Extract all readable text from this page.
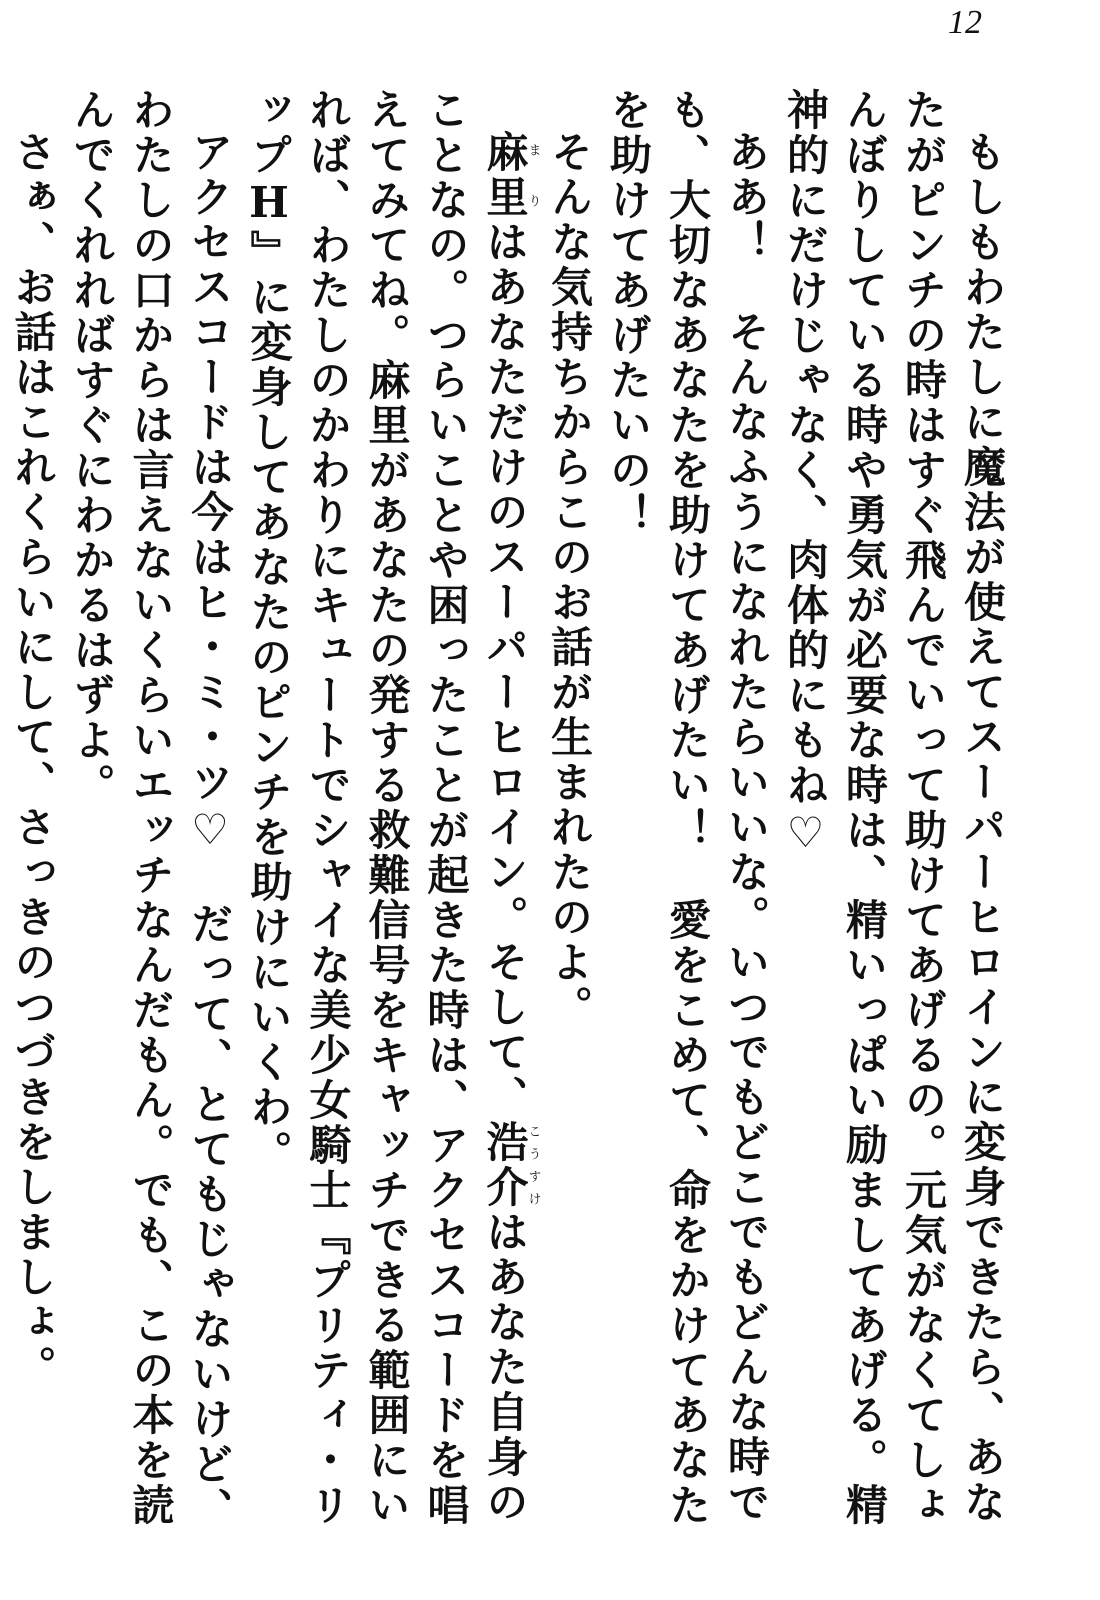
12

もしもわたしに魔法が使えてスーパーヒロインに変身できたら、あなたがピンチの時はすぐ飛んでいって助けてあげるの。元気がなくてしょんぼりしている時や勇気が必要な時は、精いっぱい励ましてあげる。精神的にだけじゃなく、肉体的にもね♡

ああ！　そんなふうになれたらいいな。いつでもどこでもどんな時でも、大切なあなたを助けてあげたい！　愛をこめて、命をかけてあなたを助けてあげたいの！

そんな気持ちからこのお話が生まれたのよ。

麻里まりはあなただけのスーパーヒロイン。そして、浩介こうすけはあなた自身のことなの。つらいことや困ったことが起きた時は、アクセスコードを唱えてみてね。麻里があなたの発する救難信号をキャッチできる範囲にいれば、わたしのかわりにキュートでシャイな美少女騎士『プリティ・リップH』に変身してあなたのピンチを助けにいくわ。

アクセスコードは今はヒ・ミ・ツ♡　だって、とてもじゃないけど、わたしの口からは言えないくらいエッチなんだもん。でも、この本を読んでくれればすぐにわかるはずよ。

さぁ、お話はこれくらいにして、さっきのつづきをしましょ。
